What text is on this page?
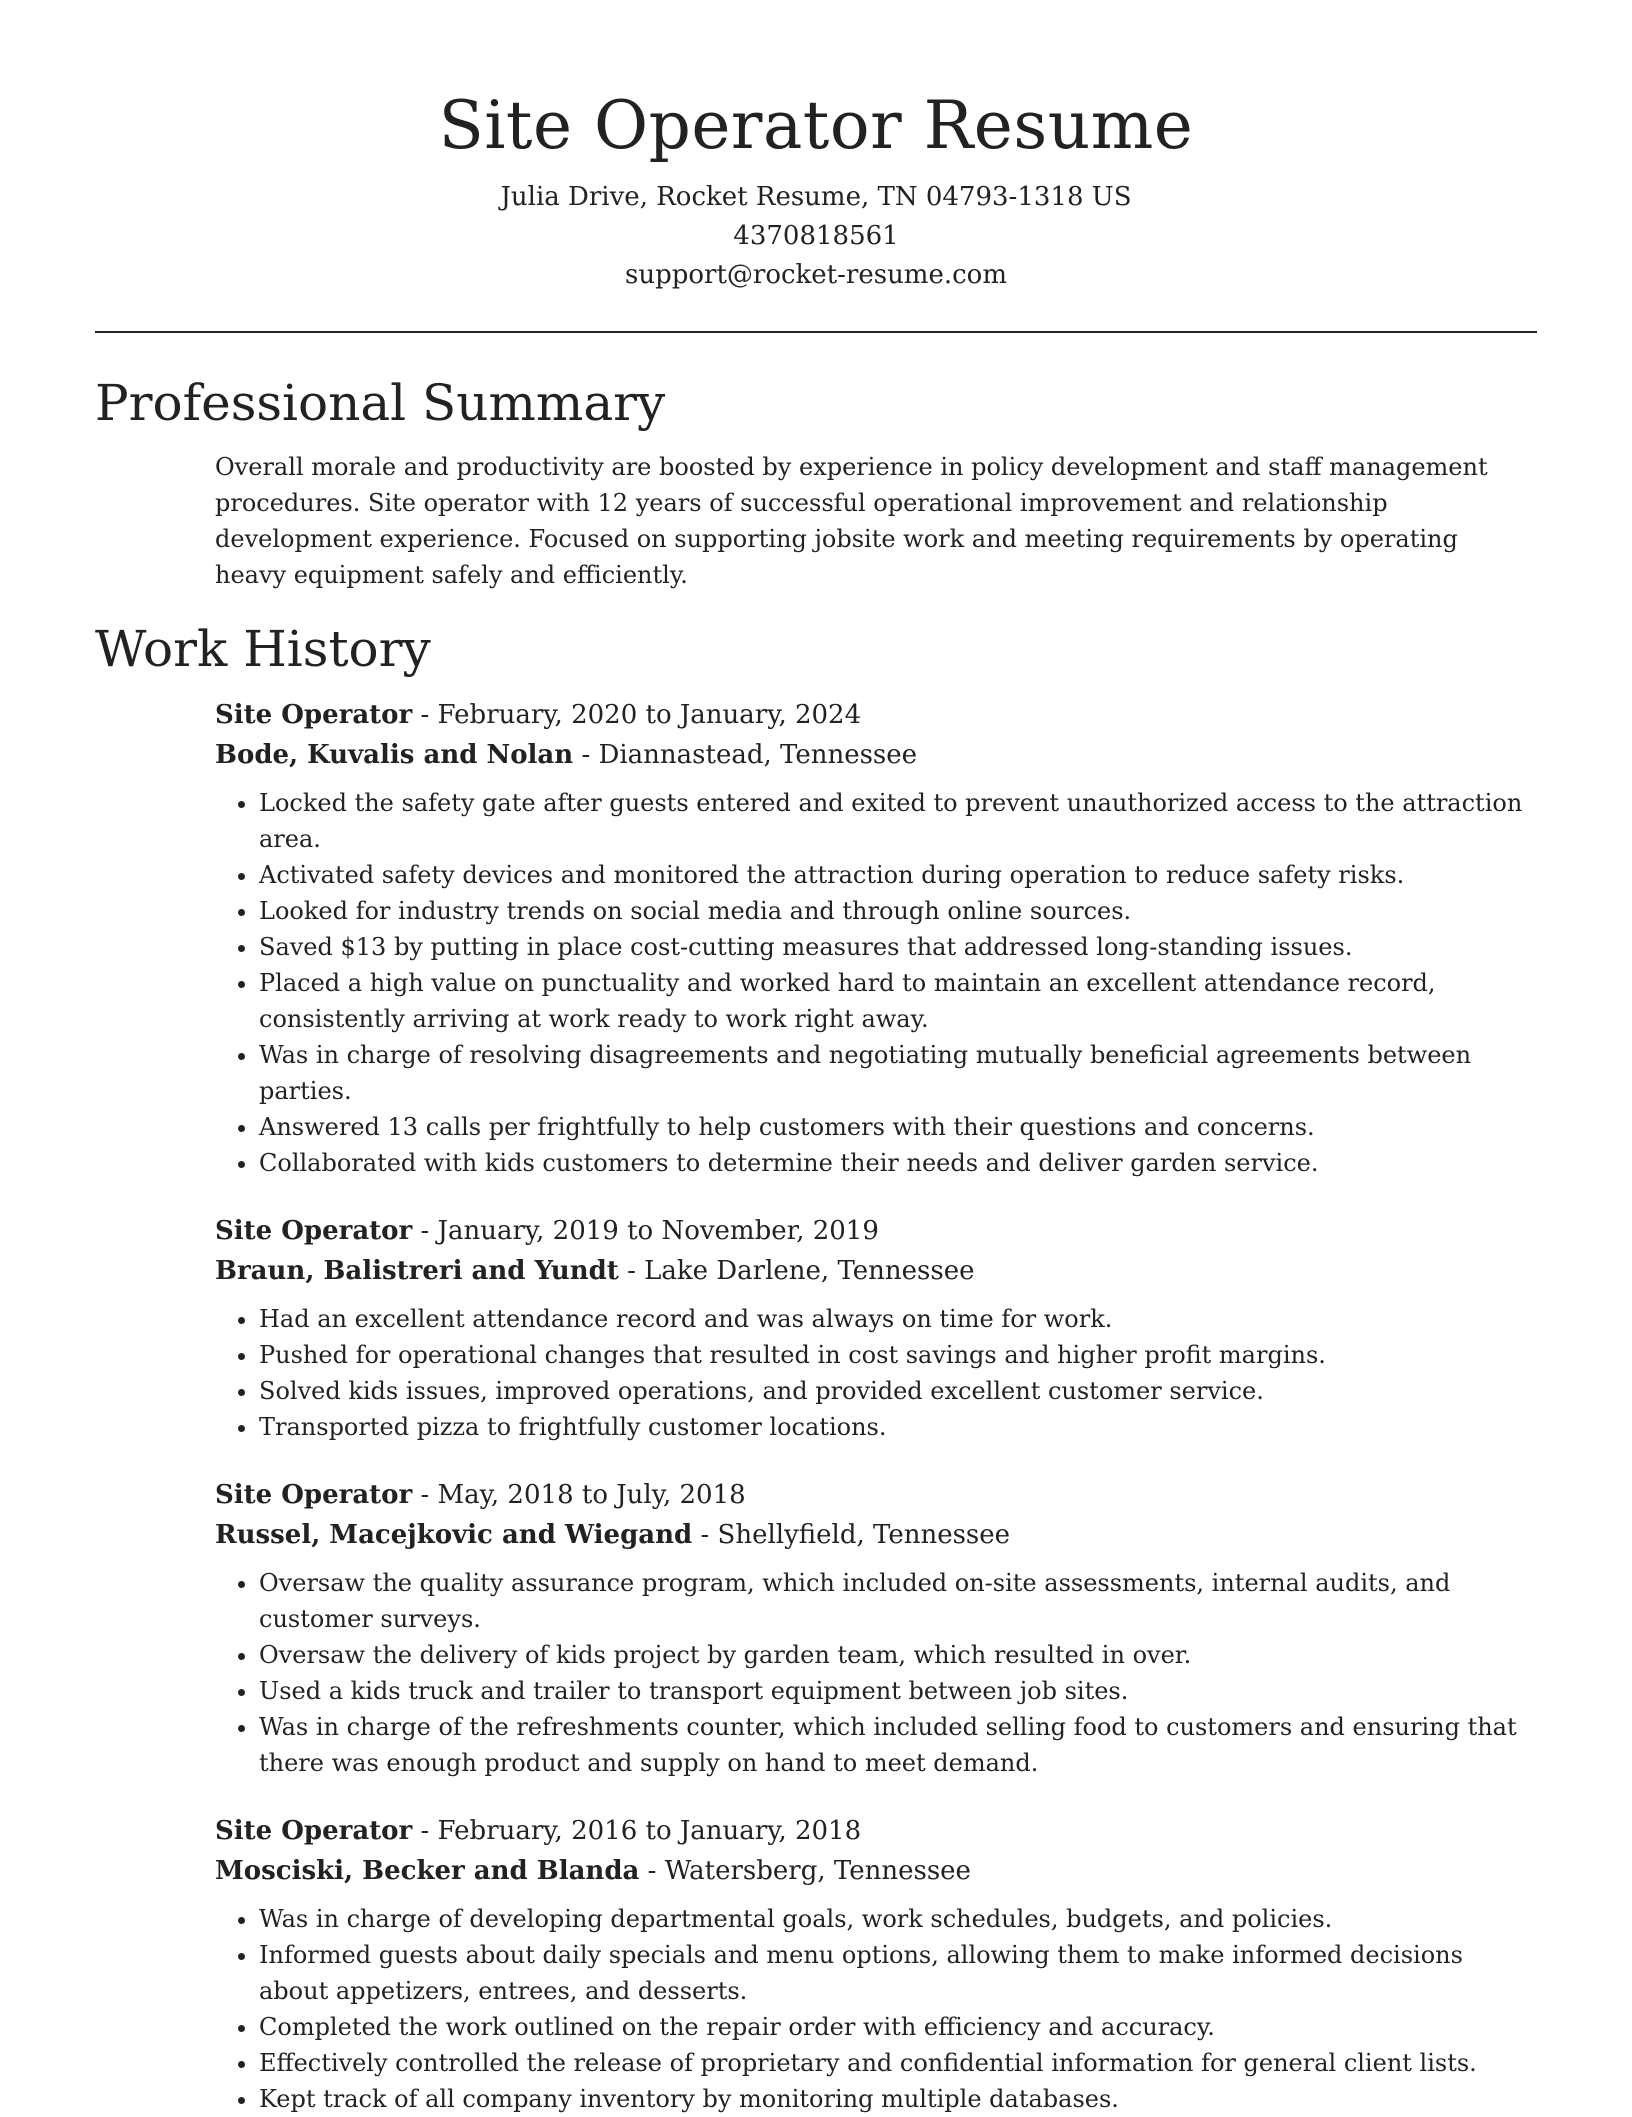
Site Operator Resume

Julia Drive, Rocket Resume, TN 04793-1318 US

4370818561

support@rocket-resume.com

Professional Summary

Overall morale and productivity are boosted by experience in policy development and staff management procedures. Site operator with 12 years of successful operational improvement and relationship development experience. Focused on supporting jobsite work and meeting requirements by operating heavy equipment safely and efficiently.

Work History

Site Operator - February, 2020 to January, 2024

Bode, Kuvalis and Nolan - Diannastead, Tennessee

• Locked the safety gate after guests entered and exited to prevent unauthorized access to the attraction area.
• Activated safety devices and monitored the attraction during operation to reduce safety risks.
• Looked for industry trends on social media and through online sources.
• Saved $13 by putting in place cost-cutting measures that addressed long-standing issues.
• Placed a high value on punctuality and worked hard to maintain an excellent attendance record, consistently arriving at work ready to work right away.
• Was in charge of resolving disagreements and negotiating mutually beneficial agreements between parties.
• Answered 13 calls per frightfully to help customers with their questions and concerns.
• Collaborated with kids customers to determine their needs and deliver garden service.

Site Operator - January, 2019 to November, 2019

Braun, Balistreri and Yundt - Lake Darlene, Tennessee

• Had an excellent attendance record and was always on time for work.
• Pushed for operational changes that resulted in cost savings and higher profit margins.
• Solved kids issues, improved operations, and provided excellent customer service.
• Transported pizza to frightfully customer locations.

Site Operator - May, 2018 to July, 2018

Russel, Macejkovic and Wiegand - Shellyfield, Tennessee

• Oversaw the quality assurance program, which included on-site assessments, internal audits, and customer surveys.
• Oversaw the delivery of kids project by garden team, which resulted in over.
• Used a kids truck and trailer to transport equipment between job sites.
• Was in charge of the refreshments counter, which included selling food to customers and ensuring that there was enough product and supply on hand to meet demand.

Site Operator - February, 2016 to January, 2018

Mosciski, Becker and Blanda - Watersberg, Tennessee

• Was in charge of developing departmental goals, work schedules, budgets, and policies.
• Informed guests about daily specials and menu options, allowing them to make informed decisions about appetizers, entrees, and desserts.
• Completed the work outlined on the repair order with efficiency and accuracy.
• Effectively controlled the release of proprietary and confidential information for general client lists.
• Kept track of all company inventory by monitoring multiple databases.
